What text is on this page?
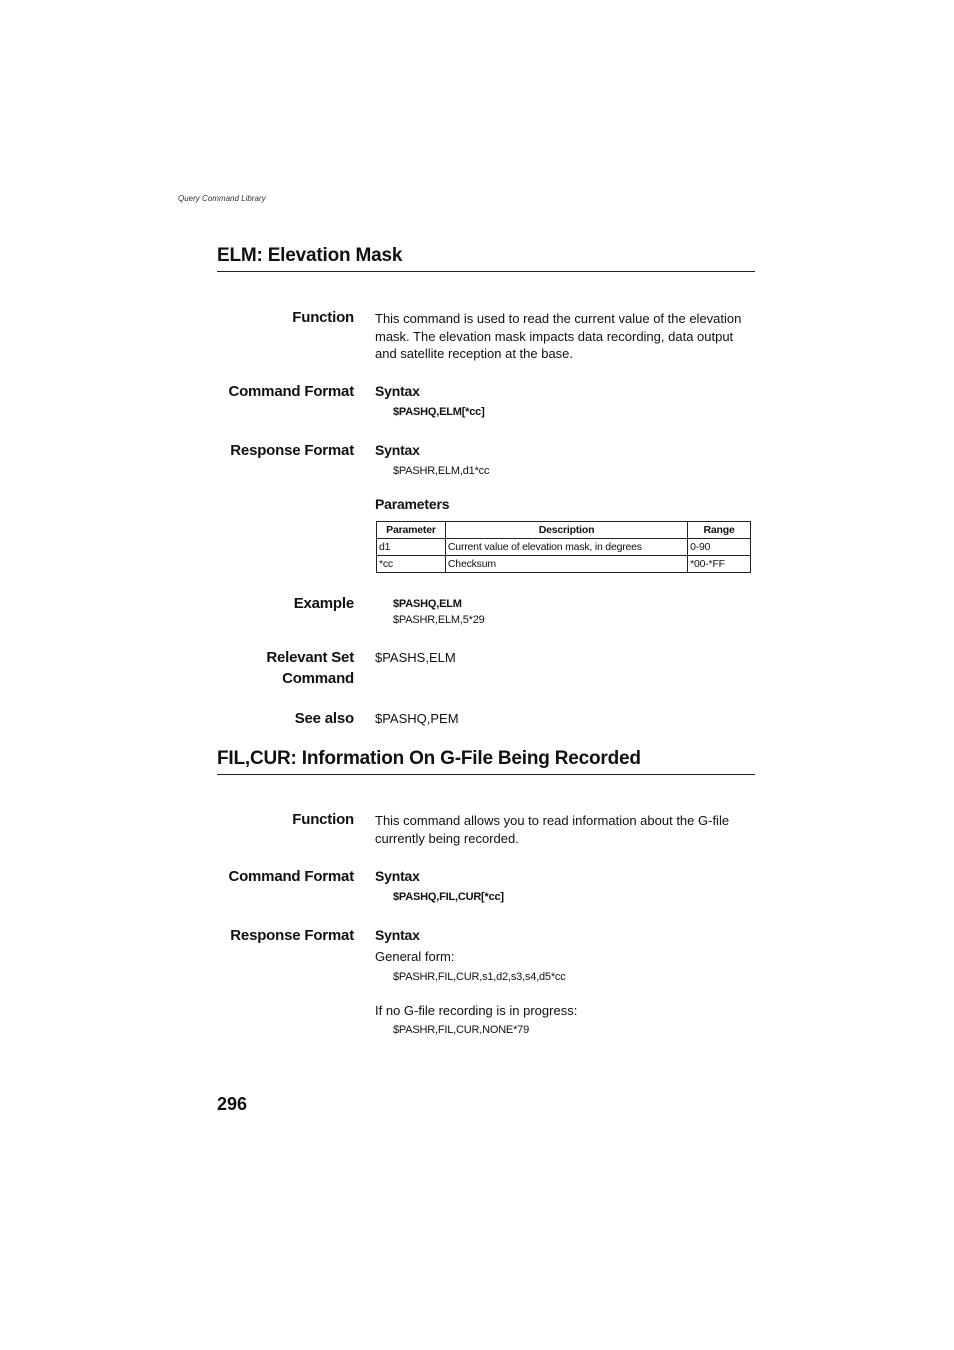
Query Command Library
ELM: Elevation Mask
Function This command is used to read the current value of the elevation mask. The elevation mask impacts data recording, data output and satellite reception at the base.
Command Format Syntax
$PASHQ,ELM[*cc]
Response Format Syntax
$PASHR,ELM,d1*cc
Parameters
Parameter	Description	Range
d1	Current value of elevation mask, in degrees	0-90
*cc	Checksum	*00-*FF
Example	$PASHQ,ELM
$PASHR,ELM,5*29
Relevant Set
Command
$PASHS,ELM
See also $PASHQ,PEM
FIL,CUR: Information On G-File Being Recorded
Function This command allows you to read information about the G-file currently being recorded.
Command Format Syntax
$PASHQ,FIL,CUR[*cc]
Response Format Syntax
General form:
$PASHR,FIL,CUR,s1,d2,s3,s4,d5*cc
If no G-file recording is in progress:
$PASHR,FIL,CUR,NONE*79
296
